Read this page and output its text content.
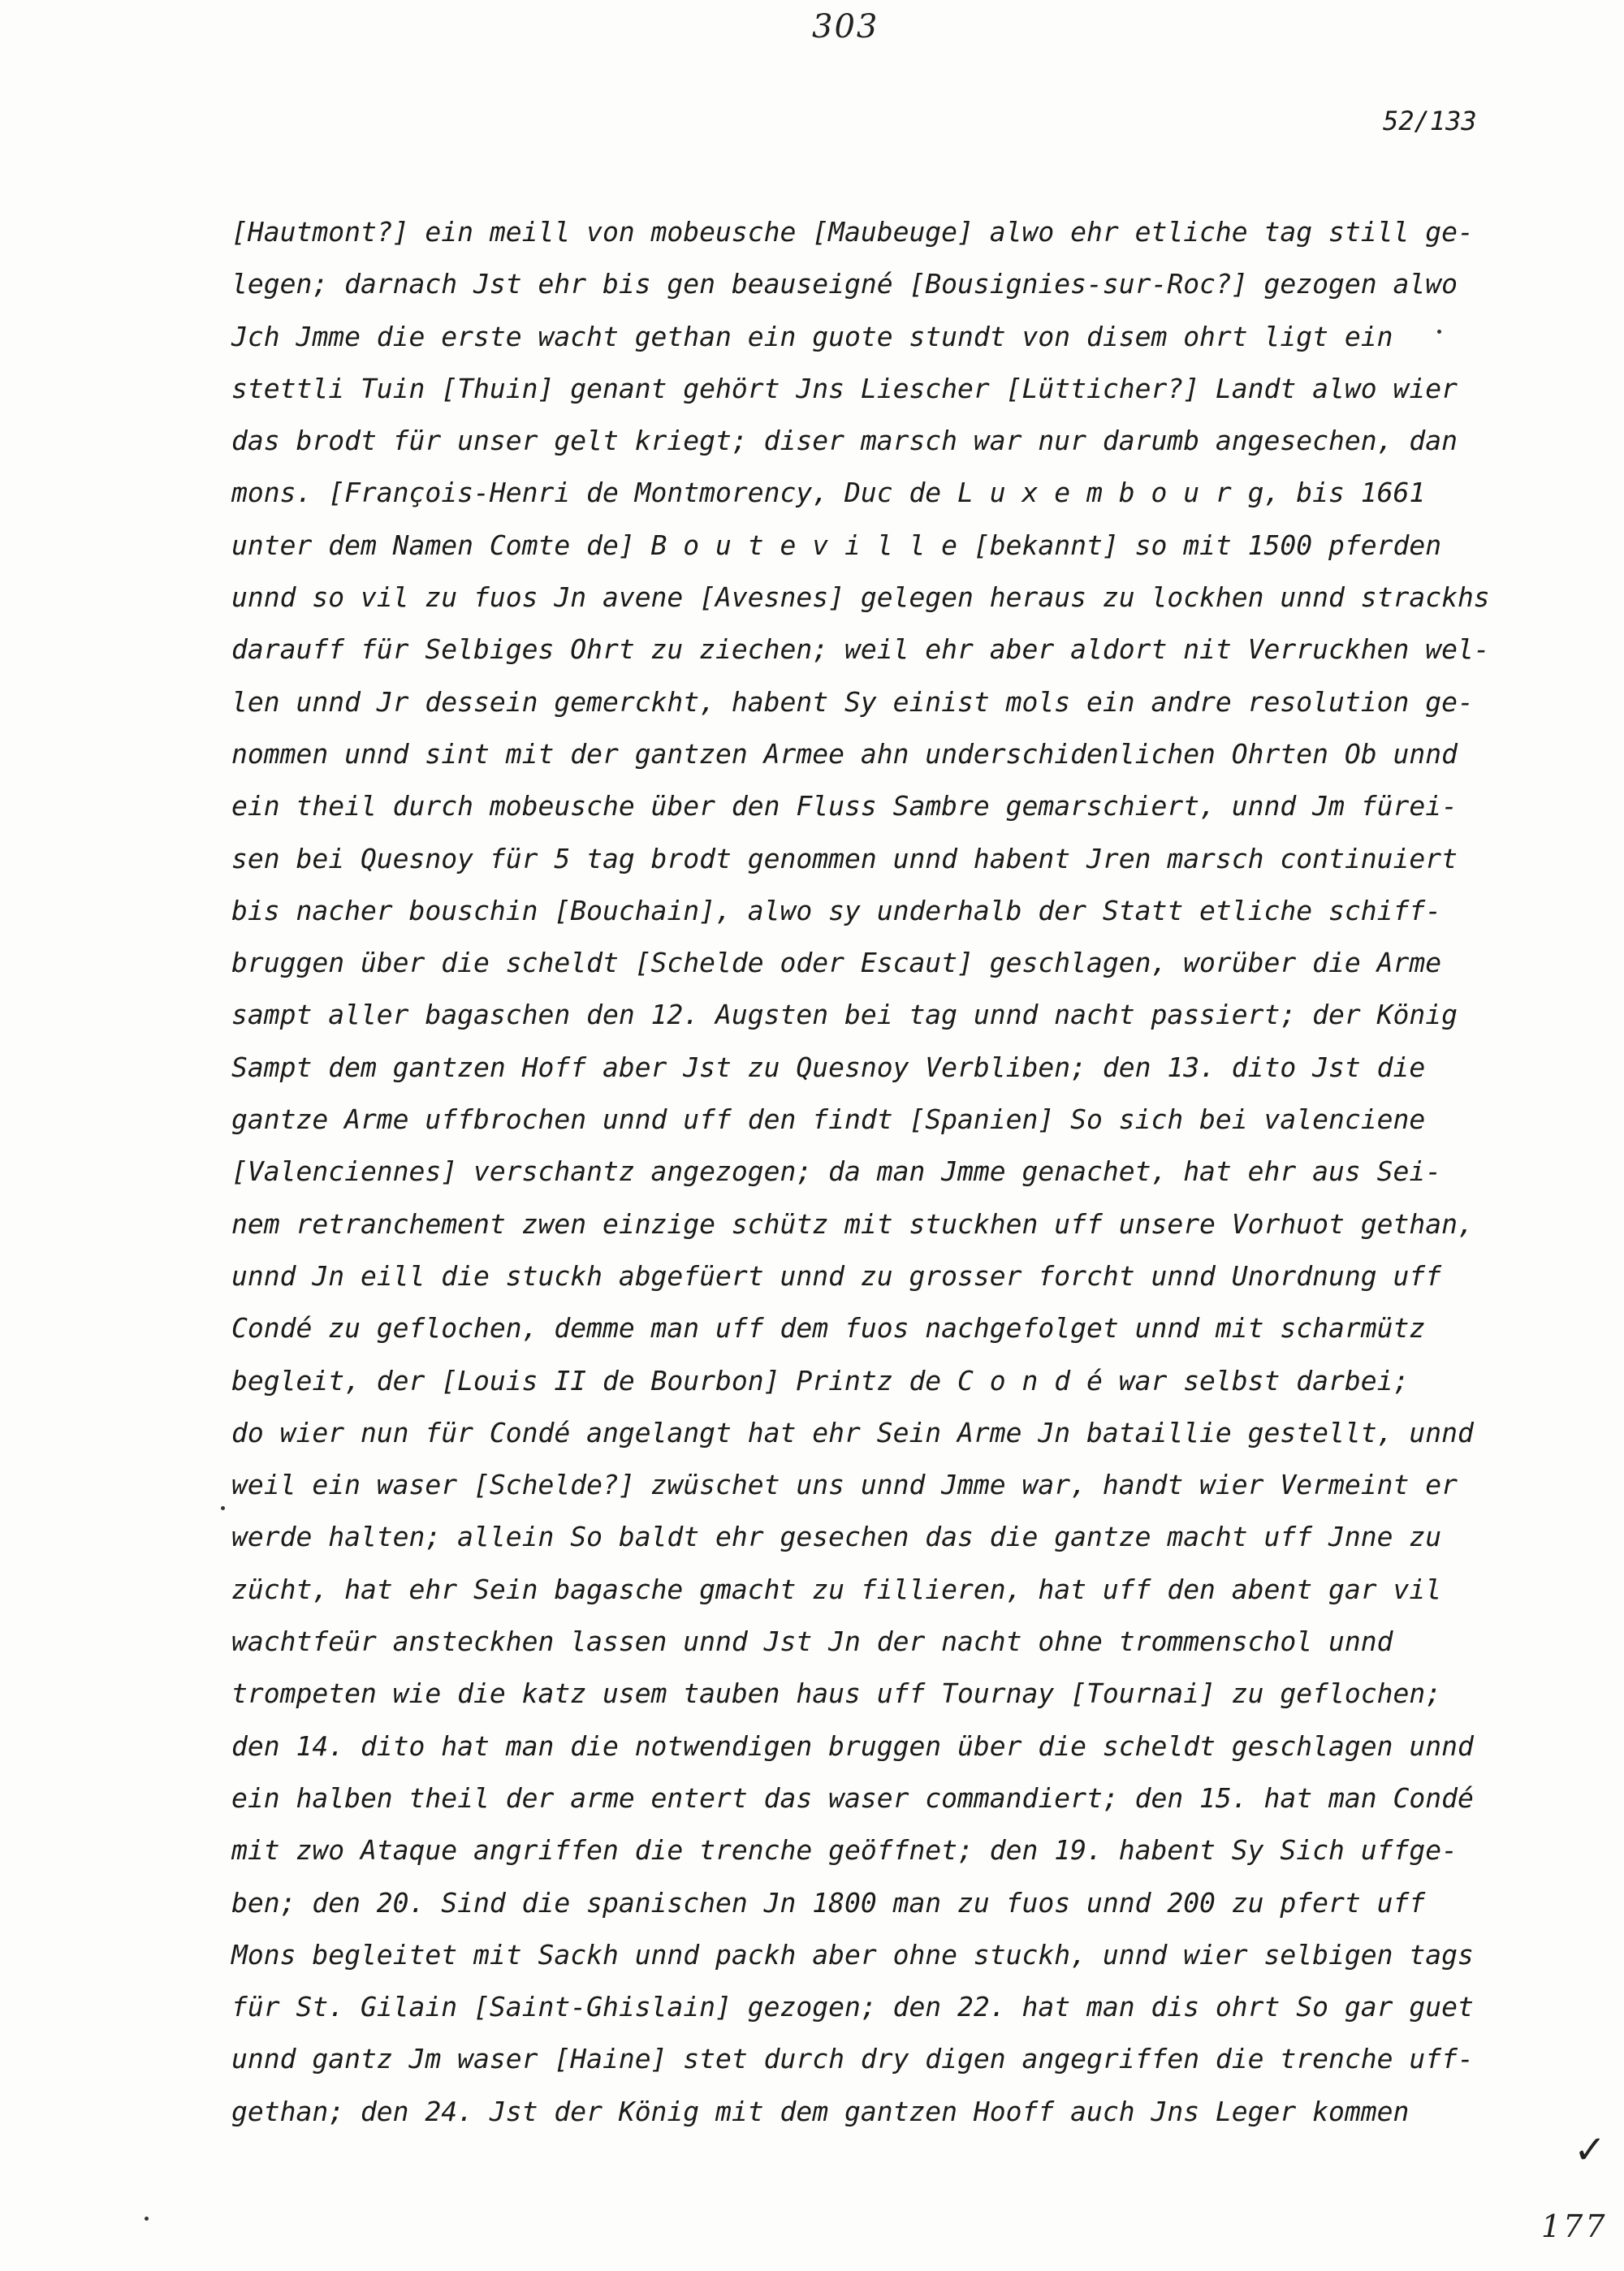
303
52/133
[Hautmont?] ein meill von mobeusche [Maubeuge] alwo ehr etliche tag still ge-
legen; darnach Jst ehr bis gen beauseigné [Bousignies-sur-Roc?] gezogen alwo
Jch Jmme die erste wacht gethan ein guote stundt von disem ohrt ligt ein
stettli Tuin [Thuin] genant gehört Jns Liescher [Lütticher?] Landt alwo wier
das brodt für unser gelt kriegt; diser marsch war nur darumb angesechen, dan
mons. [François-Henri de Montmorency, Duc de L u x e m b o u r g, bis 1661
unter dem Namen Comte de] B o u t e v i l l e [bekannt] so mit 1500 pferden
unnd so vil zu fuos Jn avene [Avesnes] gelegen heraus zu lockhen unnd strackhs
darauff für Selbiges Ohrt zu ziechen; weil ehr aber aldort nit Verruckhen wel-
len unnd Jr dessein gemerckht, habent Sy einist mols ein andre resolution ge-
nommen unnd sint mit der gantzen Armee ahn underschidenlichen Ohrten Ob unnd
ein theil durch mobeusche über den Fluss Sambre gemarschiert, unnd Jm fürei-
sen bei Quesnoy für 5 tag brodt genommen unnd habent Jren marsch continuiert
bis nacher bouschin [Bouchain], alwo sy underhalb der Statt etliche schiff-
bruggen über die scheldt [Schelde oder Escaut] geschlagen, worüber die Arme
sampt aller bagaschen den 12. Augsten bei tag unnd nacht passiert; der König
Sampt dem gantzen Hoff aber Jst zu Quesnoy Verbliben; den 13. dito Jst die
gantze Arme uffbrochen unnd uff den findt [Spanien] So sich bei valenciene
[Valenciennes] verschantz angezogen; da man Jmme genachet, hat ehr aus Sei-
nem retranchement zwen einzige schütz mit stuckhen uff unsere Vorhuot gethan,
unnd Jn eill die stuckh abgefüert unnd zu grosser forcht unnd Unordnung uff
Condé zu geflochen, demme man uff dem fuos nachgefolget unnd mit scharmütz
begleit, der [Louis II de Bourbon] Printz de C o n d é war selbst darbei;
do wier nun für Condé angelangt hat ehr Sein Arme Jn bataillie gestellt, unnd
weil ein waser [Schelde?] zwüschet uns unnd Jmme war, handt wier Vermeint er
werde halten; allein So baldt ehr gesechen das die gantze macht uff Jnne zu
zücht, hat ehr Sein bagasche gmacht zu fillieren, hat uff den abent gar vil
wachtfeür ansteckhen lassen unnd Jst Jn der nacht ohne trommenschol unnd
trompeten wie die katz usem tauben haus uff Tournay [Tournai] zu geflochen;
den 14. dito hat man die notwendigen bruggen über die scheldt geschlagen unnd
ein halben theil der arme entert das waser commandiert; den 15. hat man Condé
mit zwo Ataque angriffen die trenche geöffnet; den 19. habent Sy Sich uffge-
ben; den 20. Sind die spanischen Jn 1800 man zu fuos unnd 200 zu pfert uff
Mons begleitet mit Sackh unnd packh aber ohne stuckh, unnd wier selbigen tags
für St. Gilain [Saint-Ghislain] gezogen; den 22. hat man dis ohrt So gar guet
unnd gantz Jm waser [Haine] stet durch dry digen angegriffen die trenche uff-
gethan; den 24. Jst der König mit dem gantzen Hooff auch Jns Leger kommen
✓
177
